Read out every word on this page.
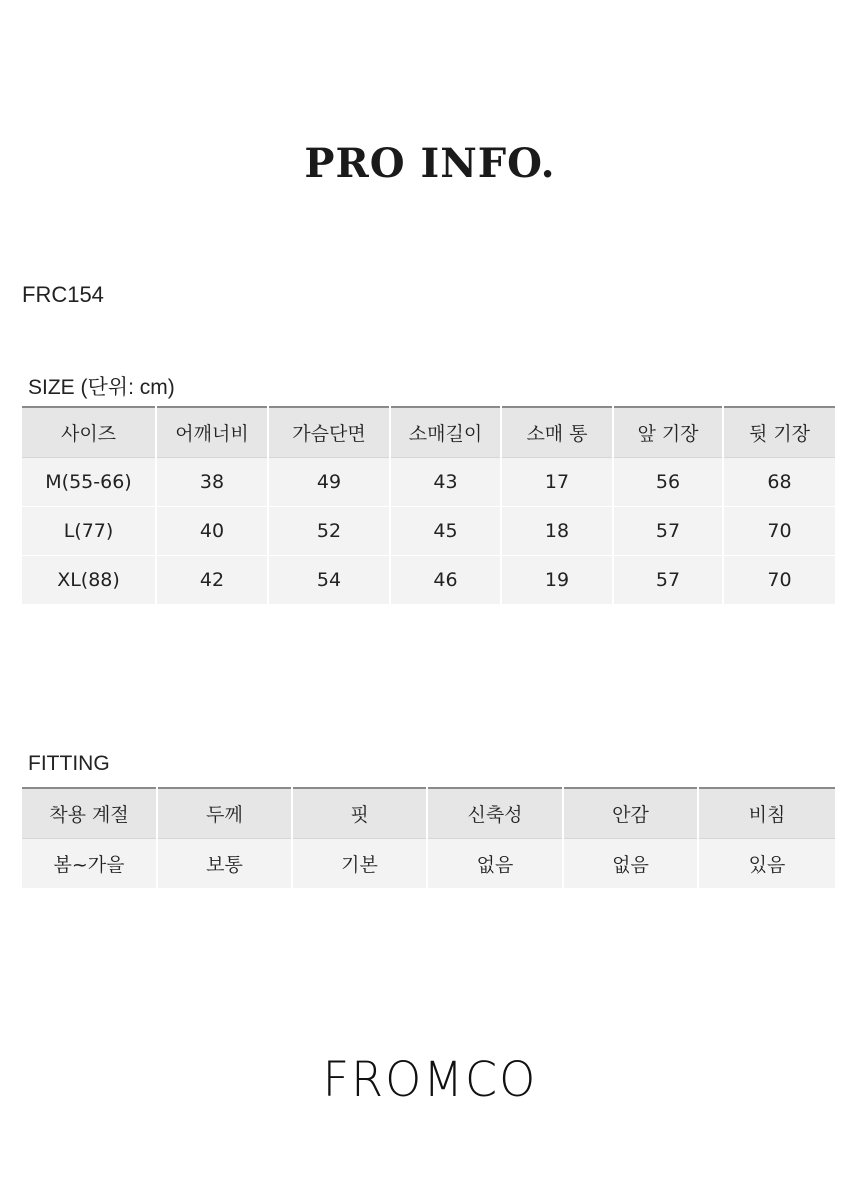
PRO INFO.
FRC154
SIZE (단위: cm)
사이즈	어깨너비	가슴단면	소매길이	소매 통	앞 기장	뒷 기장
M(55-66)	38	49	43	17	56	68
L(77)	40	52	45	18	57	70
XL(88)	42	54	46	19	57	70
FITTING
착용 계절	두께	핏	신축성	안감	비침
봄~가을	보통	기본	없음	없음	있음
FROMCO
